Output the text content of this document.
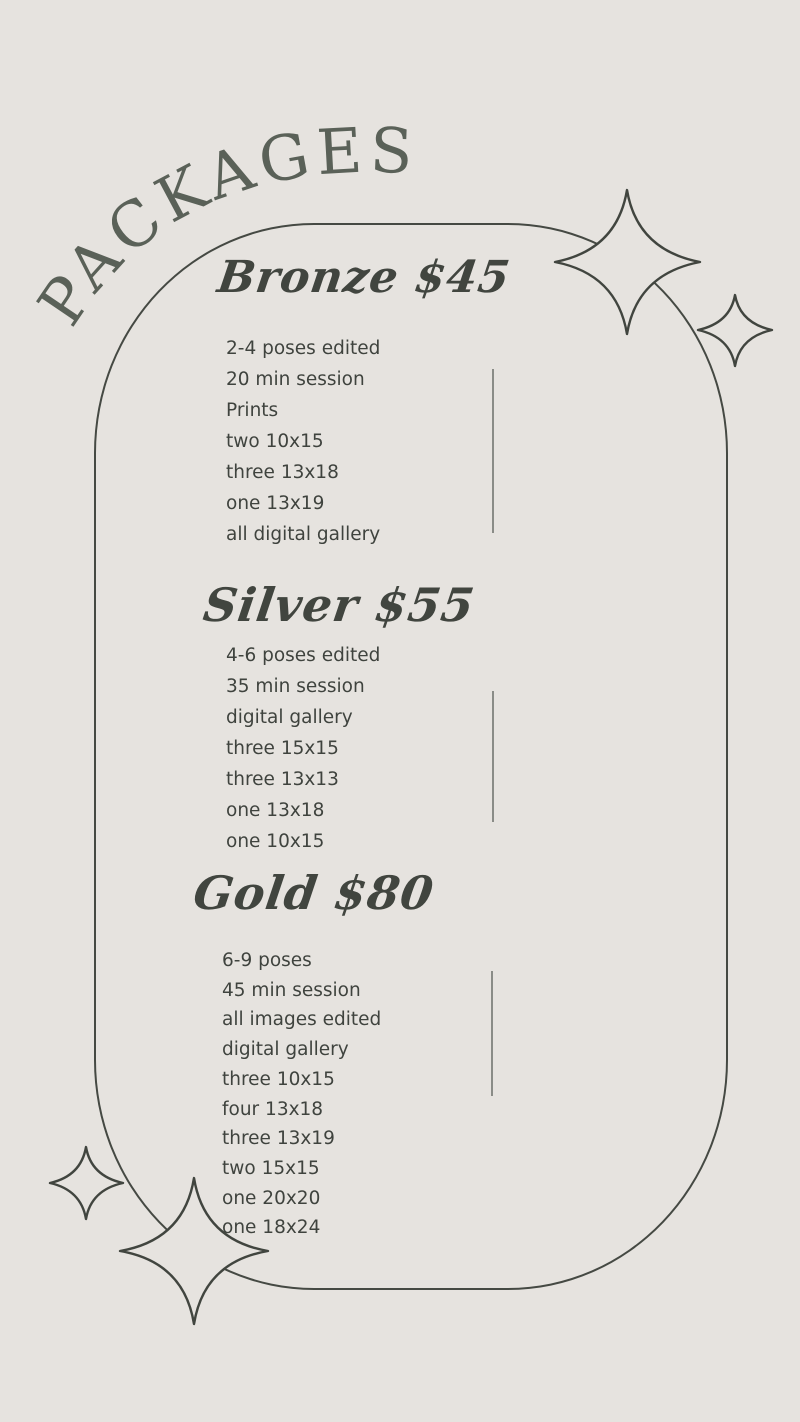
PACKAGES
Bronze $45
2-4 poses edited
20 min session
Prints
two 10x15
three 13x18
one 13x19
all digital gallery
Silver $55
4-6 poses edited
35 min session
digital gallery
three 15x15
three 13x13
one 13x18
one 10x15
Gold $80
6-9 poses
45 min session
all images edited
digital gallery
three 10x15
four 13x18
three 13x19
two 15x15
one 20x20
one 18x24
